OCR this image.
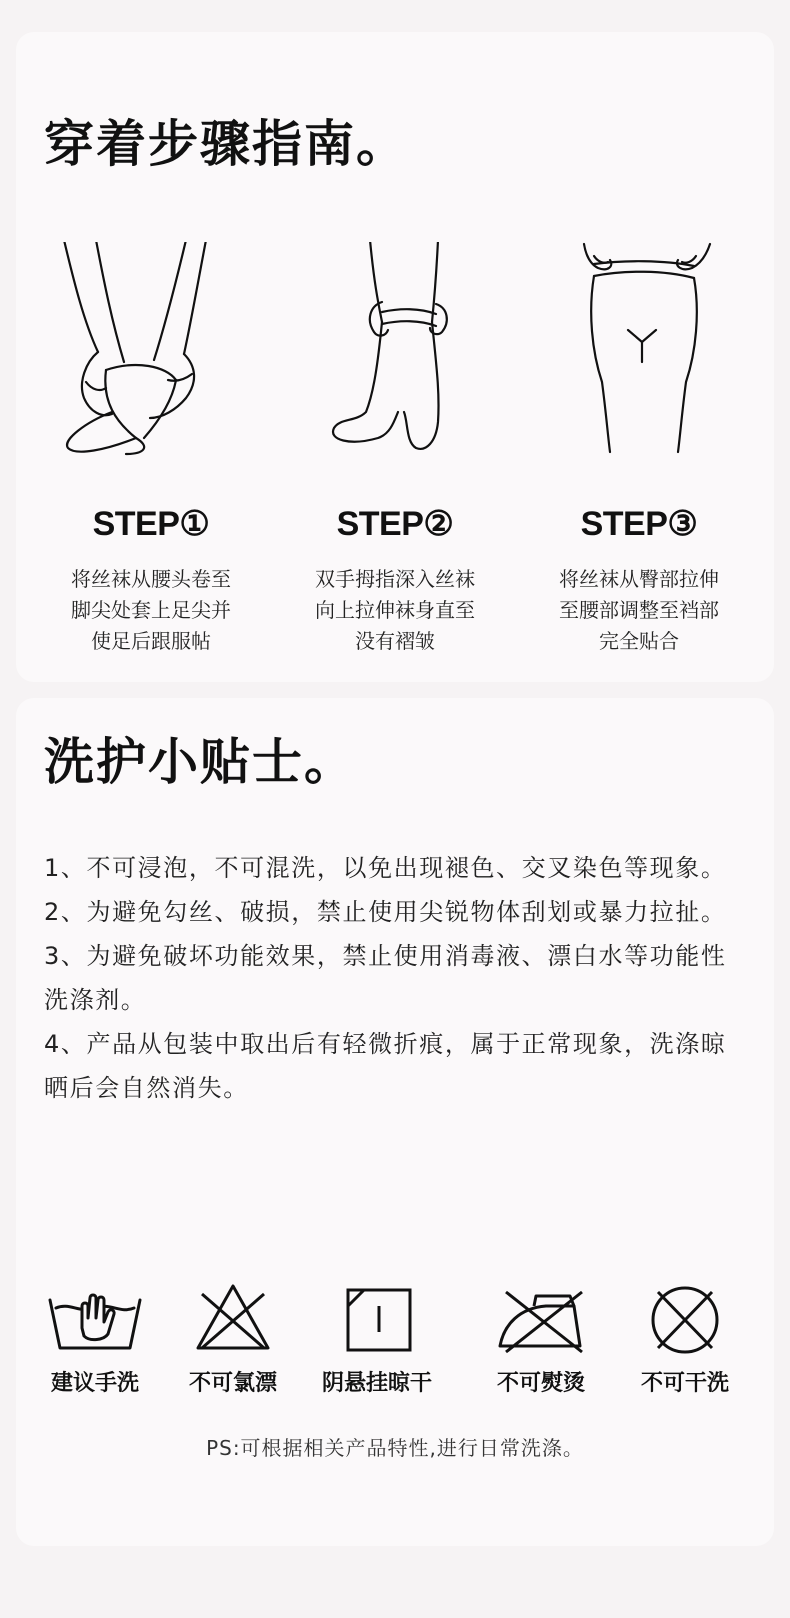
穿着步骤指南。
STEP①
将丝袜从腰头卷至
脚尖处套上足尖并
使足后跟服帖
STEP②
双手拇指深入丝袜
向上拉伸袜身直至
没有褶皱
STEP③
将丝袜从臀部拉伸
至腰部调整至裆部
完全贴合
洗护小贴士。

1、不可浸泡，不可混洗，以免出现褪色、交叉染色等现象。

2、为避免勾丝、破损，禁止使用尖锐物体刮划或暴力拉扯。

3、为避免破坏功能效果，禁止使用消毒液、漂白水等功能性洗涤剂。

4、产品从包装中取出后有轻微折痕，属于正常现象，洗涤晾晒后会自然消失。

建议手洗	不可氯漂	阴悬挂晾干	不可熨烫	不可干洗
PS:可根据相关产品特性,进行日常洗涤。
